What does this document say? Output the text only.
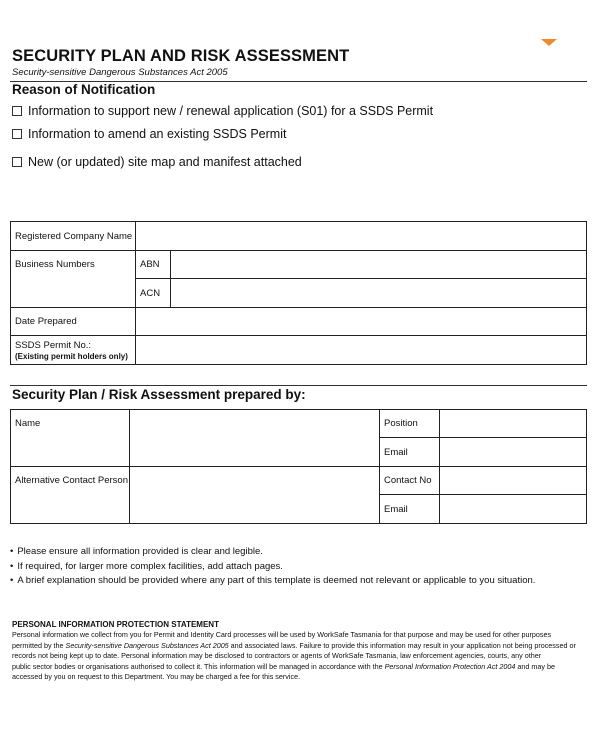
SECURITY PLAN AND RISK ASSESSMENT
Security-sensitive Dangerous Substances Act 2005
Reason of Notification
Information to support new / renewal application (S01) for a SSDS Permit
Information to amend an existing SSDS Permit
New (or updated) site map and manifest attached
Registered Company Name		
Business Numbers	ABN	
	ACN	
Date Prepared		
SSDS Permit No.:
(Existing permit holders only)		

Security Plan / Risk Assessment prepared by:
Name		Position	
		Email	
Alternative Contact Person		Contact No	
		Email	
• Please ensure all information provided is clear and legible.
• If required, for larger more complex facilities, add attach pages.
• A brief explanation should be provided where any part of this template is deemed not relevant or applicable to you situation.
PERSONAL INFORMATION PROTECTION STATEMENT
Personal information we collect from you for Permit and Identity Card processes will be used by WorkSafe Tasmania for that purpose and may be used for other purposes
permitted by the Security-sensitive Dangerous Substances Act 2005 and associated laws. Failure to provide this information may result in your application not being processed or
records not being kept up to date. Personal information may be disclosed to contractors or agents of WorkSafe Tasmania, law enforcement agencies, courts, any other
public sector bodies or organisations authorised to collect it. This information will be managed in accordance with the Personal Information Protection Act 2004 and may be
accessed by you on request to this Department. You may be charged a fee for this service.
